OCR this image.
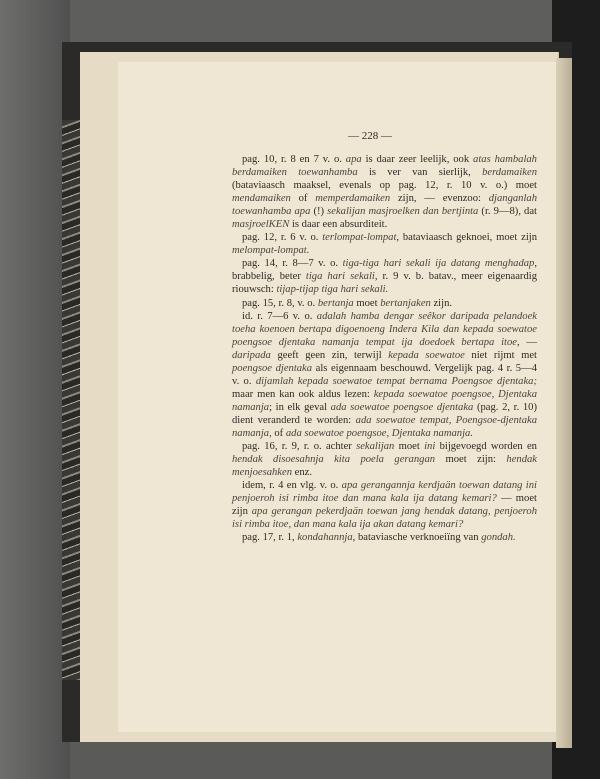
— 228 —

pag. 10, r. 8 en 7 v. o. apa is daar zeer leelijk, ook atas hambalah berdamaiken toewanhamba is ver van sierlijk, berdamaiken (bataviaasch maaksel, evenals op pag. 12, r. 10 v. o.) moet mendamaiken of memperdamaiken zijn, — evenzoo: djanganlah toewanhamba apa (!) sekalijan masjroelken dan bertjinta (r. 9—8), dat masjroelKEN is daar een absurditeit.

pag. 12, r. 6 v. o. terlompat-lompat, bataviaasch geknoei, moet zijn melompat-lompat.

pag. 14, r. 8—7 v. o. tiga-tiga hari sekali ija datang menghadap, brabbelig, beter tiga hari sekali, r. 9 v. b. batav., meer eigenaardig riouwsch: tijap-tijap tiga hari sekali.

pag. 15, r. 8, v. o. bertanja moet bertanjaken zijn.

id. r. 7—6 v. o. adalah hamba dengar seêkor daripada pelandoek toeha koenoen bertapa digoenoeng Indera Kila dan kepada soewatoe poengsoe djentaka namanja tempat ija doedoek bertapa itoe, — daripada geeft geen zin, terwijl kepada soewatoe niet rijmt met poengsoe djentaka als eigennaam beschouwd. Vergelijk pag. 4 r. 5—4 v. o. dijamlah kepada soewatoe tempat bernama Poengsoe djentaka; maar men kan ook aldus lezen: kepada soewatoe poengsoe, Djentaka namanja; in elk geval ada soewatoe poengsoe djentaka (pag. 2, r. 10) dient veranderd te worden: ada soewatoe tempat, Poengsoe-djentaka namanja, of ada soewatoe poengsoe, Djentaka namanja.

pag. 16, r. 9, r. o. achter sekalijan moet ini bijgevoegd worden en hendak disoesahnja kita poela gerangan moet zijn: hendak menjoesahken enz.

idem, r. 4 en vlg. v. o. apa gerangannja kerdjaän toewan datang ini penjoeroh isi rimba itoe dan mana kala ija datang kemari? — moet zijn apa gerangan pekerdjaän toewan jang hendak datang, penjoeroh isi rimba itoe, dan mana kala ija akan datang kemari?

pag. 17, r. 1, kondahannja, bataviasche verknoeiïng van gondah.
